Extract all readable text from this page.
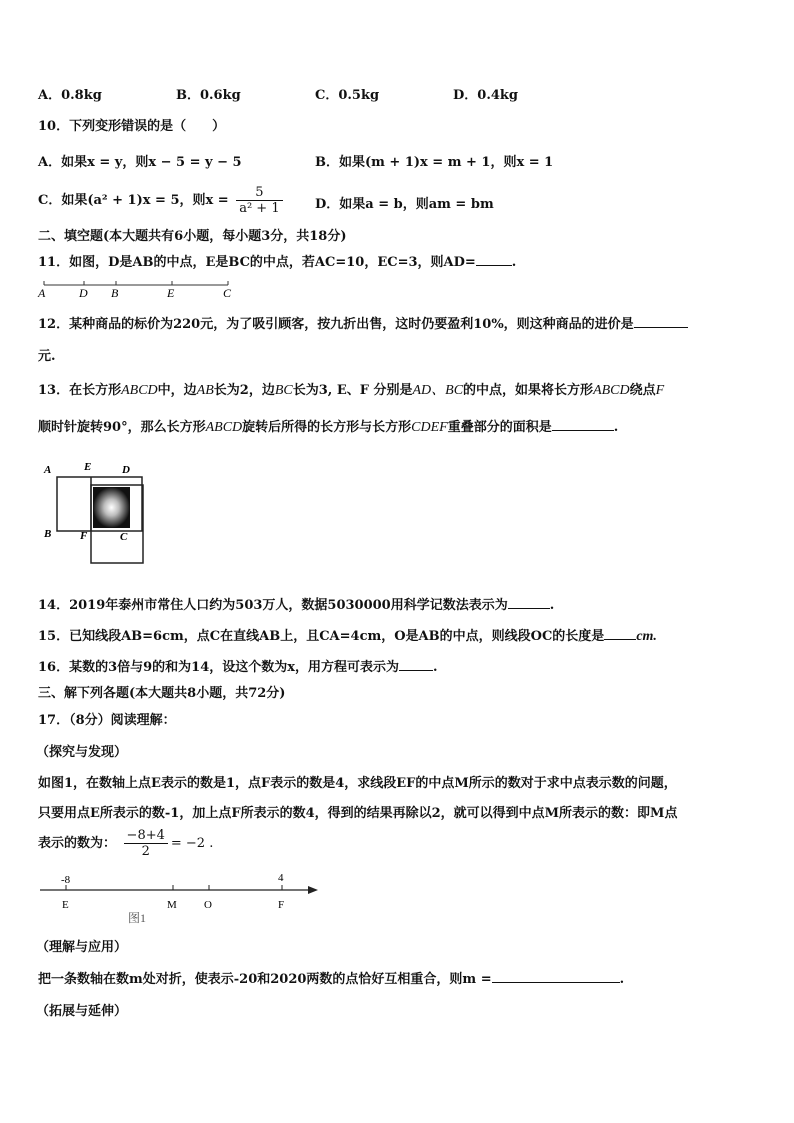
A．0.8kg	B．0.6kg	C．0.5kg	D．0.4kg
10．下列变形错误的是（　　）
A．如果x = y，则x − 5 = y − 5	B．如果(m + 1)x = m + 1，则x = 1
C．如果(a² + 1)x = 5，则$x = \frac{5}{\text{a² + 1}}$ D．如果a = b，则am = bm
二、填空题(本大题共有6小题，每小题3分，共18分)
11．如图，D是AB的中点，E是BC的中点，若AC=10，EC=3，则AD=	.
A	D B	E	C
12．某种商品的标价为220元，为了吸引顾客，按九折出售，这时仍要盈利10%，则这种商品的进价是
元.
13．在长方形ABCD中，边AB长为2，边BC长为3, E、F 分别是AD、BC的中点，如果将长方形ABCD绕点F
顺时针旋转90°，那么长方形ABCD旋转后所得的长方形与长方形CDEF重叠部分的面积是	.
A	E	D
B	F	C
14．2019年泰州市常住人口约为503万人，数据5030000用科学记数法表示为	.
15．已知线段AB=6cm，点C在直线AB上，且CA=4cm，O是AB的中点，则线段OC的长度是 cm.
16．某数的3倍与9的和为14，设这个数为x，用方程可表示为	.
三、解下列各题(本大题共8小题，共72分)
17．（8分）阅读理解：
（探究与发现）
如图1，在数轴上点E表示的数是1，点F表示的数是4，求线段EF的中点M所示的数对于求中点表示数的问题，
只要用点E所表示的数-1，加上点F所表示的数4，得到的结果再除以2，就可以得到中点M所表示的数：即M点
表示的数为： $\frac{-8+4}{2} = -2$ .
-8	4
E	M O	F
图1
（理解与应用）
把一条数轴在数m处对折，使表示-20和2020两数的点恰好互相重合，则m =	.
（拓展与延伸）
